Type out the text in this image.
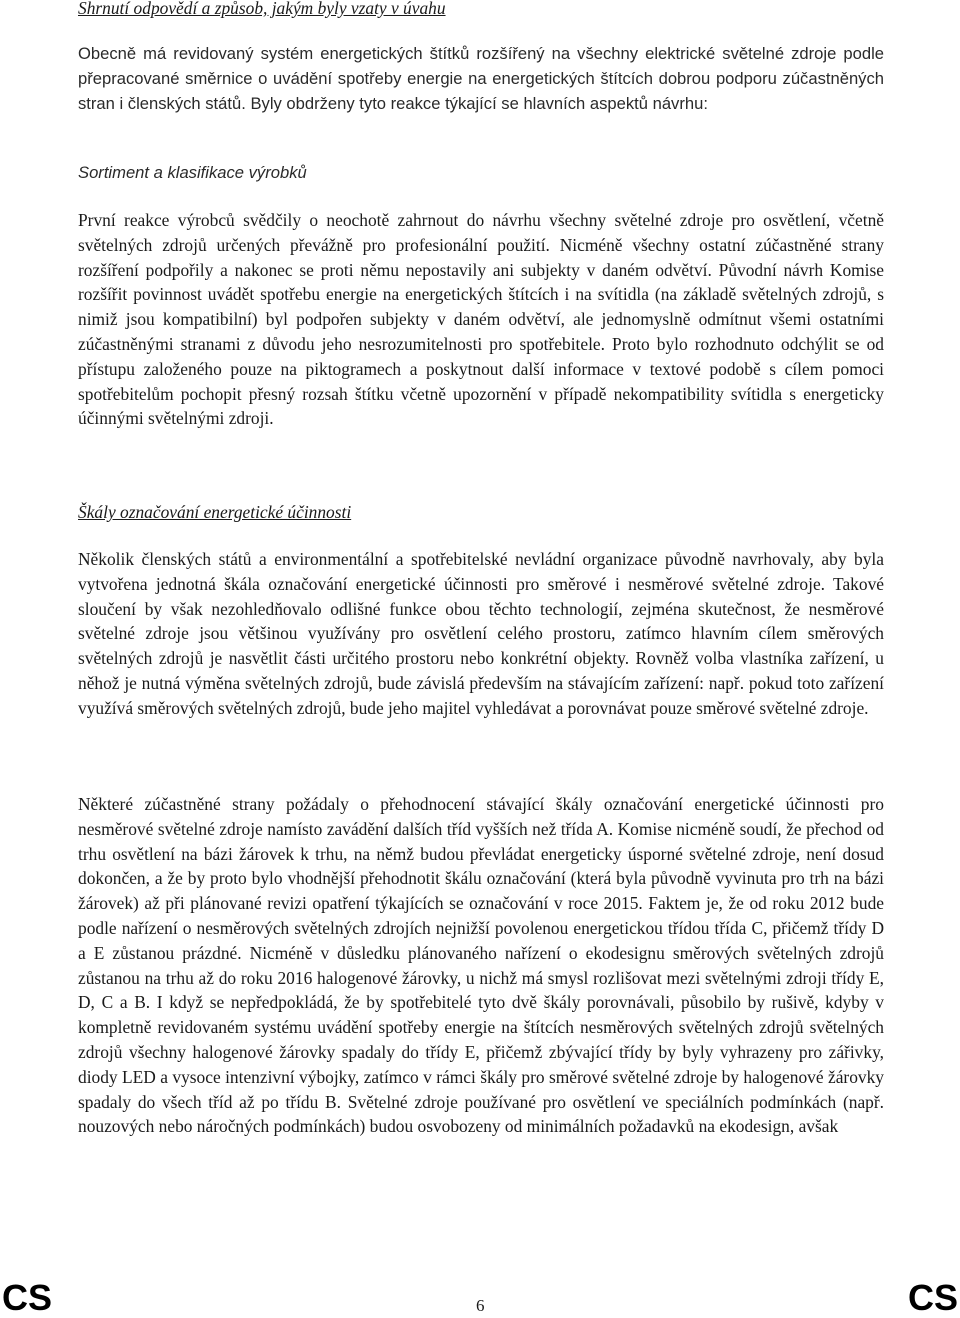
Shrnutí odpovědí a způsob, jakým byly vzaty v úvahu

Obecně má revidovaný systém energetických štítků rozšířený na všechny elektrické světelné zdroje podle přepracované směrnice o uvádění spotřeby energie na energetických štítcích dobrou podporu zúčastněných stran i členských států. Byly obdrženy tyto reakce týkající se hlavních aspektů návrhu:

Sortiment a klasifikace výrobků

První reakce výrobců svědčily o neochotě zahrnout do návrhu všechny světelné zdroje pro osvětlení, včetně světelných zdrojů určených převážně pro profesionální použití. Nicméně všechny ostatní zúčastněné strany rozšíření podpořily a nakonec se proti němu nepostavily ani subjekty v daném odvětví. Původní návrh Komise rozšířit povinnost uvádět spotřebu energie na energetických štítcích i na svítidla (na základě světelných zdrojů, s nimiž jsou kompatibilní) byl podpořen subjekty v daném odvětví, ale jednomyslně odmítnut všemi ostatními zúčastněnými stranami z důvodu jeho nesrozumitelnosti pro spotřebitele. Proto bylo rozhodnuto odchýlit se od přístupu založeného pouze na piktogramech a poskytnout další informace v textové podobě s cílem pomoci spotřebitelům pochopit přesný rozsah štítku včetně upozornění v případě nekompatibility svítidla s energeticky účinnými světelnými zdroji.

Škály označování energetické účinnosti

Několik členských států a environmentální a spotřebitelské nevládní organizace původně navrhovaly, aby byla vytvořena jednotná škála označování energetické účinnosti pro směrové i nesměrové světelné zdroje. Takové sloučení by však nezohledňovalo odlišné funkce obou těchto technologií, zejména skutečnost, že nesměrové světelné zdroje jsou většinou využívány pro osvětlení celého prostoru, zatímco hlavním cílem směrových světelných zdrojů je nasvětlit části určitého prostoru nebo konkrétní objekty. Rovněž volba vlastníka zařízení, u něhož je nutná výměna světelných zdrojů, bude závislá především na stávajícím zařízení: např. pokud toto zařízení využívá směrových světelných zdrojů, bude jeho majitel vyhledávat a porovnávat pouze směrové světelné zdroje.

Některé zúčastněné strany požádaly o přehodnocení stávající škály označování energetické účinnosti pro nesměrové světelné zdroje namísto zavádění dalších tříd vyšších než třída A. Komise nicméně soudí, že přechod od trhu osvětlení na bázi žárovek k trhu, na němž budou převládat energeticky úsporné světelné zdroje, není dosud dokončen, a že by proto bylo vhodnější přehodnotit škálu označování (která byla původně vyvinuta pro trh na bázi žárovek) až při plánované revizi opatření týkajících se označování v roce 2015. Faktem je, že od roku 2012 bude podle nařízení o nesměrových světelných zdrojích nejnižší povolenou energetickou třídou třída C, přičemž třídy D a E zůstanou prázdné. Nicméně v důsledku plánovaného nařízení o ekodesignu směrových světelných zdrojů zůstanou na trhu až do roku 2016 halogenové žárovky, u nichž má smysl rozlišovat mezi světelnými zdroji třídy E, D, C a B. I když se nepředpokládá, že by spotřebitelé tyto dvě škály porovnávali, působilo by rušivě, kdyby v kompletně revidovaném systému uvádění spotřeby energie na štítcích nesměrových světelných zdrojů světelných zdrojů všechny halogenové žárovky spadaly do třídy E, přičemž zbývající třídy by byly vyhrazeny pro zářivky, diody LED a vysoce intenzivní výbojky, zatímco v rámci škály pro směrové světelné zdroje by halogenové žárovky spadaly do všech tříd až po třídu B. Světelné zdroje používané pro osvětlení ve speciálních podmínkách (např. nouzových nebo náročných podmínkách) budou osvobozeny od minimálních požadavků na ekodesign, avšak

CS	6	CS
